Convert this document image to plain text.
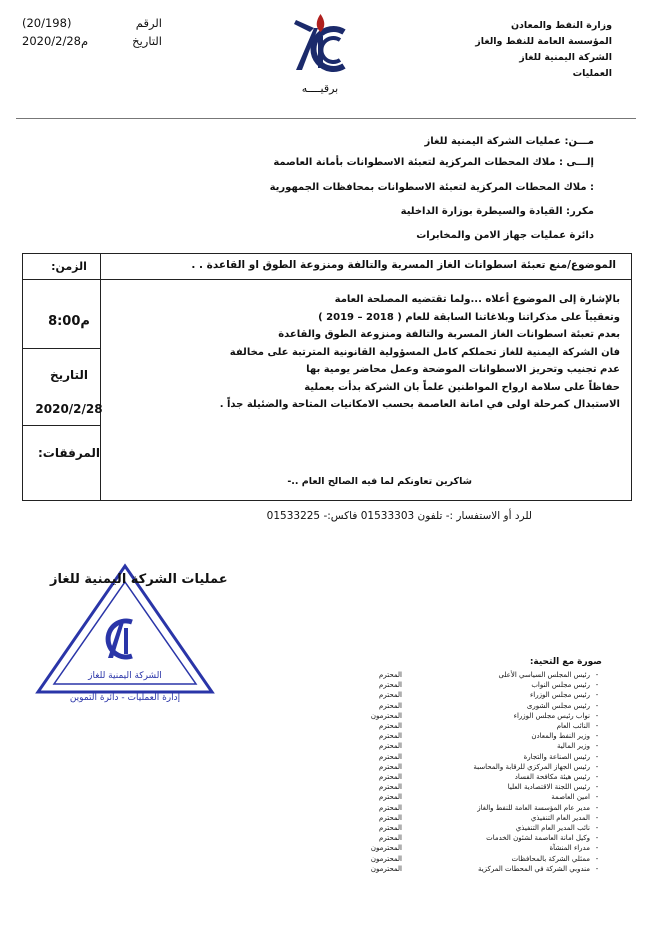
وزارة النفط والمعادن
المؤسسة العامة للنفط والغاز
الشركة اليمنية للغاز
العمليات
(20/198)	الرقم
2020/2/28م	التاريخ
برقيــــه
مـــن: عمليات الشركة اليمنية للغاز
إلـــى : ملاك المحطات المركزية لتعبئة الاسطوانات بأمانة العاصمة
: ملاك المحطات المركزية لتعبئة الاسطوانات بمحافظات الجمهورية
مكرر: القيادة والسيطرة بوزارة الداخلية
دائرة عمليات جهاز الامن والمخابرات
الموضوع/منع تعبئة اسطوانات الغاز المسربة والتالفة ومنزوعة الطوق او القاعدة . .
الزمن:
8:00م
التاريخ
2020/2/28
المرفقات:

بالإشارة إلى الموضوع أعلاه ...ولما تقتضيه المصلحة العامة

وتعقيباً على مذكراتنا وبلاغاتنا السابقة للعام ( 2018 – 2019 )

بعدم تعبئة اسطوانات الغاز المسربة والتالفة ومنزوعة الطوق والقاعدة

فان الشركة اليمنية للغاز تحملكم كامل المسؤولية القانونية المترتبة على مخالفة

عدم تجنيب وتحريز الاسطوانات الموضحة وعمل محاضر يومية بها

حفاظاً على سلامة ارواح المواطنين علماً بان الشركة بدأت بعملية

الاستبدال كمرحلة اولى في امانة العاصمة بحسب الامكانيات المتاحة والضئيلة جداً .

شاكرين تعاونكم لما فيه الصالح العام ..-
للرد أو الاستفسار :- تلفون 01533303 فاكس:- 01533225
إدارة العمليات - دائرة التموين
الشركة اليمنية للغاز
عمليات الشركة اليمنية للغاز
صورة مع التحية:
-
رئيس المجلس السياسي الأعلى
المحترم
-
رئيس مجلس النواب
المحترم
-
رئيس مجلس الوزراء
المحترم
-
رئيس مجلس الشورى
المحترم
-
نواب رئيس مجلس الوزراء
المحترمون
-
النائب العام
المحترم
-
وزير النفط والمعادن
المحترم
-
وزير المالية
المحترم
-
رئيس الصناعة والتجارة
المحترم
-
رئيس الجهاز المركزي للرقابة والمحاسبة
المحترم
-
رئيس هيئة مكافحة الفساد
المحترم
-
رئيس اللجنة الاقتصادية العليا
المحترم
-
امين العاصمة
المحترم
-
مدير عام المؤسسة العامة للنفط والغاز
المحترم
-
المدير العام التنفيذي
المحترم
-
نائب المدير العام التنفيذي
المحترم
-
وكيل امانة العاصمة لشئون الخدمات
المحترم
-
مدراء المنشآة
المحترمون
-
ممثلي الشركة بالمحافظات
المحترمون
-
مندوبي الشركة في المحطات المركزية
المحترمون
